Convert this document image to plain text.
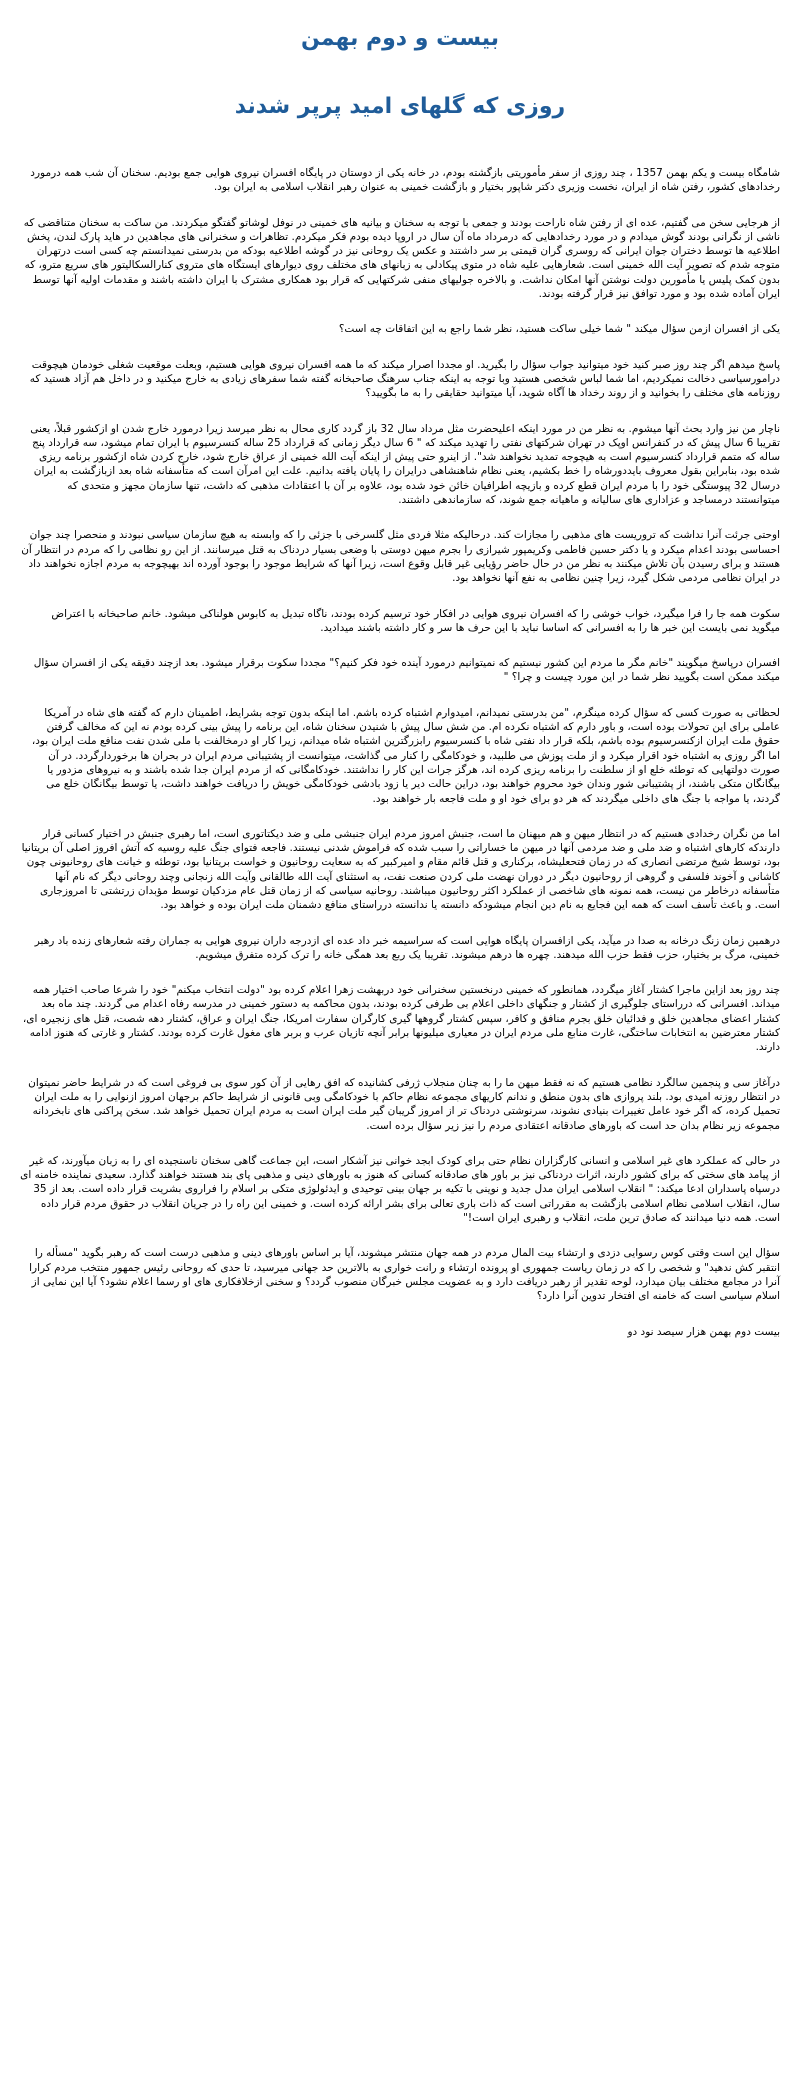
بیست و دوم بهمن
روزی که گلهای امید پرپر شدند

شامگاه بیست و یکم بهمن 1357 ، چند روزی از سفر مأموریتی بازگشته بودم، در خانه یکی از دوستان در پایگاه افسران نیروی هوایی جمع بودیم. سخنان آن شب همه درمورد رخدادهای کشور، رفتن شاه از ایران، نخست وزیری دکتر شاپور بختیار و بازگشت خمینی به عنوان رهبر انقلاب اسلامی به ایران بود.

از هرجایی سخن می گفتیم، عده ای از رفتن شاه ناراحت بودند و جمعی با توجه به سخنان و بیانیه های خمینی در نوفل لوشاتو گفتگو میکردند. من ساکت به سخنان متناقضی که ناشی از نگرانی بودند گوش میدادم و در مورد رخدادهایی که درمرداد ماه آن سال در اروپا دیده بودم فکر میکردم. تظاهرات و سخنرانی های مجاهدین در هاید پارک لندن، پخش اطلاعیه ها توسط دختران جوان ایرانی که روسری گران قیمتی بر سر داشتند و عکس یک روحانی نیز در گوشه اطلاعیه بودکه من بدرستی نمیدانستم چه کسی است درتهران متوجه شدم که تصویر آیت الله خمینی است. شعارهایی علیه شاه در متوی پیکادلی به زبانهای های مختلف روی دیوارهای ایستگاه های متروی کنارالسکالیتور های سریع مترو، که بدون کمک پلیس یا مأمورین دولت نوشتن آنها امکان نداشت. و بالاخره جولیهای منفی شرکتهایی که قرار بود همکاری مشترک با ایران داشته باشند و مقدمات اولیه آنها توسط ایران آماده شده بود و مورد توافق نیز قرار گرفته بودند.

یکی از افسران ازمن سؤال میکند " شما خیلی ساکت هستید، نظر شما راجع به این اتفاقات چه است؟

پاسخ میدهم اگر چند روز صبر کنید خود میتوانید جواب سؤال را بگیرید. او مجددا اصرار میکند که ما همه افسران نیروی هوایی هستیم، وبعلت موقعیت شغلی خودمان هیچوقت درامورسیاسی دخالت نمیکردیم، اما شما لباس شخصی هستید وبا توجه به اینکه جناب سرهنگ صاحبخانه گفته شما سفرهای زیادی به خارج میکنید و در داخل هم آزاد هستید که روزنامه های مختلف را بخوانید و از روند رخداد ها آگاه شوید، آیا میتوانید حقایقی را به ما بگویید؟

ناچار من نیز وارد بحث آنها میشوم. به نظر من در مورد اینکه اعلیحضرت مثل مرداد سال 32 باز گردد کاری محال به نظر میرسد زیرا درمورد خارج شدن او ازکشور قبلاً، یعنی تقریبا 6 سال پیش که در کنفرانس اوپک در تهران شرکتهای نفتی را تهدید میکند که " 6 سال دیگر زمانی که قرارداد 25 ساله کنسرسیوم با ایران تمام میشود، سه قرارداد پنج ساله که متمم قرارداد کنسرسیوم است به هیچوجه تمدید نخواهند شد". از اینرو حتی پیش از اینکه آیت الله خمینی از عراق خارج شود، خارج کردن شاه ازکشور برنامه ریزی شده بود، بنابراین بقول معروف بایددورشاه را خط بکشیم، یعنی نظام شاهنشاهی درایران را پایان یافته بدانیم. علت این امرآن است که متأسفانه شاه بعد ازبازگشت به ایران درسال 32 پیوستگی خود را با مردم ایران قطع کرده و بازیچه اطرافیان خائن خود شده بود، علاوه بر آن با اعتقادات مذهبی که داشت، تنها سازمان مجهز و متحدی که میتوانستند درمساجد و عزاداری های سالیانه و ماهیانه جمع شوند، که سازماندهی داشتند.

اوحتی جرئت آنرا نداشت که تروریست های مذهبی را مجازات کند. درحالیکه مثلا فردی مثل گلسرخی با جزئی را که وابسته به هیچ سازمان سیاسی نبودند و منحصرا چند جوان احساسی بودند اعدام میکرد و یا دکتر حسین فاطمی وکریمپور شیرازی را بجرم میهن دوستی با وضعی بسیار دردناک به قتل میرسانند. از این رو نظامی را که مردم در انتظار آن هستند و برای رسیدن بآن تلاش میکنند به نظر من در حال حاضر رؤیایی غیر قابل وقوع است، زیرا آنها که شرایط موجود را بوجود آورده اند بهیچوجه به مردم اجازه نخواهند داد در ایران نظامی مردمی شکل گیرد، زیرا چنین نظامی به نفع آنها نخواهد بود.

سکوت همه جا را فرا میگیرد، خواب خوشی را که افسران نیروی هوایی در افکار خود ترسیم کرده بودند، ناگاه تبدیل به کابوس هولناکی میشود. خانم صاحبخانه با اعتراض میگوید نمی بایست این خبر ها را به افسرانی که اساسا نباید با این حرف ها سر و کار داشته باشند میدادید.

افسران درپاسخ میگویند "خانم مگر ما مردم این کشور نیستیم که نمیتوانیم درمورد آینده خود فکر کنیم؟" مجددا سکوت برقرار میشود. بعد ازچند دقیقه یکی از افسران سؤال میکند ممکن است بگویید نظر شما در این مورد چیست و چرا؟ "

لحظاتی به صورت کسی که سؤال کرده مینگرم، "من بدرستی نمیدانم، امیدوارم اشتباه کرده باشم. اما اینکه بدون توجه بشرایط، اطمینان دارم که گفته های شاه در آمریکا عاملی برای این تحولات بوده است، و باور دارم که اشتباه نکرده ام. من شش سال پیش با شنیدن سخنان شاه، این برنامه را پیش بینی کرده بودم نه این که مخالف گرفتن حقوق ملت ایران ازکنسرسیوم بوده باشم، بلکه قرار داد نفتی شاه با کنسرسیوم رابزرگترین اشتباه شاه میدانم، زیرا کار او درمخالفت با ملی شدن نفت منافع ملت ایران بود، اما اگر روزی به اشتباه خود اقرار میکرد و از ملت پوزش می طلبید، و خودکامگی را کنار می گذاشت، میتوانست از پشتیبانی مردم ایران در بحران ها برخوردارگردد. در آن صورت دولتهایی که توطئه خلع او از سلطنت را برنامه ریزی کرده اند، هرگز جرات این کار را نداشتند. خودکامگانی که از مردم ایران جدا شده باشند و به نیروهای مزدور یا بیگانگان متکی باشند، از پشتیبانی شور وندان خود محروم خواهند بود، دراین حالت دیر یا زود بادشی خودکامگی خویش را دریافت خواهند داشت، یا توسط بیگانگان خلع می گردند، یا مواجه با جنگ های داخلی میگردند که هر دو برای خود او و ملت فاجعه بار خواهند بود.

اما من نگران رخدادی هستیم که در انتظار میهن و هم میهنان ما است، جنبش امروز مردم ایران جنبشی ملی و ضد دیکتاتوری است، اما رهبری جنبش در اختیار کسانی قرار دارندکه کارهای اشتباه و ضد ملی و ضد مردمی آنها در میهن ما خساراتی را سبب شده که فراموش شدنی نیستند. فاجعه فتوای جنگ علیه روسیه که آتش افروز اصلی آن بریتانیا بود، توسط شیخ مرتضی انصاری که در زمان فتحعلیشاه، برکناری و قتل قائم مقام و امیرکبیر که به سعایت روحانیون و خواست بریتانیا بود، توطئه و خیانت های روحانیونی چون کاشانی و آخوند فلسفی و گروهی از روحانیون دیگر در دوران نهضت ملی کردن صنعت نفت، به استثنای آیت الله طالقانی وآیت الله زنجانی وچند روحانی دیگر که نام آنها متأسفانه درخاطر من نیست، همه نمونه های شاخصی از عملکرد اکثر روحانیون میباشند. روحانیه سیاسی که از زمان قتل عام مزدکیان توسط مؤبدان زرتشتی تا امروزجاری است. و باعث تأسف است که همه این فجایع به نام دین انجام میشودکه دانسته یا ندانسته درراستای منافع دشمنان ملت ایران بوده و خواهد بود.

درهمین زمان زنگ درخانه به صدا در میآید، یکی ازافسران پایگاه هوایی است که سراسیمه خبر داد عده ای ازدرجه داران نیروی هوایی به جماران رفته شعارهای زنده باد رهبر خمینی، مرگ بر بختیار، حزب فقط حزب الله میدهند. چهره ها درهم میشوند. تقریبا یک ربع بعد همگی خانه را ترک کرده متفرق میشویم.

چند روز بعد ازاین ماجرا کشتار آغاز میگردد، همانطور که خمینی درنخستین سخنرانی خود دربهشت زهرا اعلام کرده بود "دولت انتخاب میکنم" خود را شرعا صاحب اختیار همه میداند. افسرانی که درراستای جلوگیری از کشتار و جنگهای داخلی اعلام بی طرفی کرده بودند، بدون محاکمه به دستور خمینی در مدرسه رفاه اعدام می گردند. چند ماه بعد کشتار اعضای مجاهدین خلق و فدائیان خلق بجرم منافق و کافر، سپس کشتار گروهها گیری کارگران سفارت امریکا، جنگ ایران و عراق، کشتار دهه شصت، قتل های زنجیره ای، کشتار معترضین به انتخابات ساختگی، غارت منابع ملی مردم ایران در معیاری میلیونها برابر آنچه تازیان عرب و بربر های مغول غارت کرده بودند. کشتار و غارتی که هنوز ادامه دارند.

درآغاز سی و پنجمین سالگرد نظامی هستیم که نه فقط میهن ما را به چنان منجلاب ژرفی کشانیده که افق رهایی از آن کور سوی بی فروغی است که در شرایط حاضر نمیتوان در انتظار روزنه امیدی بود. بلند پروازی های بدون منطق و ندانم کاریهای مجموعه نظام حاکم با خودکامگی وبی قانونی از شرایط حاکم برجهان امروز ازنوایی را به ملت ایران تحمیل کرده، که اگر خود عامل تغییرات بنیادی نشوند، سرنوشتی دردناک تر از امروز گریبان گیر ملت ایران است به مردم ایران تحمیل خواهد شد. سخن پراکنی های نابخردانه مجموعه زیر نظام بدان حد است که باورهای صادقانه اعتقادی مردم را نیز زیر سؤال برده است.

در حالی که عملکرد های غیر اسلامی و انسانی کارگزاران نظام حتی برای کودک ابجد خوانی نیز آشکار است، این جماعت گاهی سخنان ناسنجیده ای را به زبان میآورند، که غیر از پیامد های سختی که برای کشور دارند، اثرات دردناکی نیز بر باور های صادقانه کسانی که هنوز به باورهای دینی و مذهبی پای بند هستند خواهند گذارد. سعیدی نماینده خامنه ای درسپاه پاسداران ادعا میکند: " انقلاب اسلامی ایران مدل جدید و نوینی با تکیه بر جهان بینی توحیدی و ایدئولوژی متکی بر اسلام را فراروی بشریت قرار داده است. بعد از 35 سال، انقلاب اسلامی نظام اسلامی بازگشت به مقرراتی است که ذات باری تعالی برای بشر ارائه کرده است. و خمینی این راه را در جریان انقلاب در حقوق مردم قرار داده است. همه دنیا میدانند که صادق ترین ملت، انقلاب و رهبری ایران است!"

سؤال این است وقتی کوس رسوایی دزدی و ارتشاء بیت المال مردم در همه جهان منتشر میشوند، آیا بر اساس باورهای دینی و مذهبی درست است که رهبر بگوید "مسأله را انتقبر کش ندهید" و شخصی را که در زمان ریاست جمهوری او پرونده ارتشاء و رانت خواری به بالاترین حد جهانی میرسید، تا حدی که روحانی رئیس جمهور منتخب مردم کرارا آنرا در مجامع مختلف بیان میدارد، لوحه تقدیر از رهبر دریافت دارد و به عضویت مجلس خبرگان منصوب گردد؟ و سخنی ازخلافکاری های او رسما اعلام نشود؟ آیا این نمایی از اسلام سیاسی است که خامنه ای افتخار تدوین آنرا دارد؟

بیست دوم بهمن هزار سیصد نود دو
